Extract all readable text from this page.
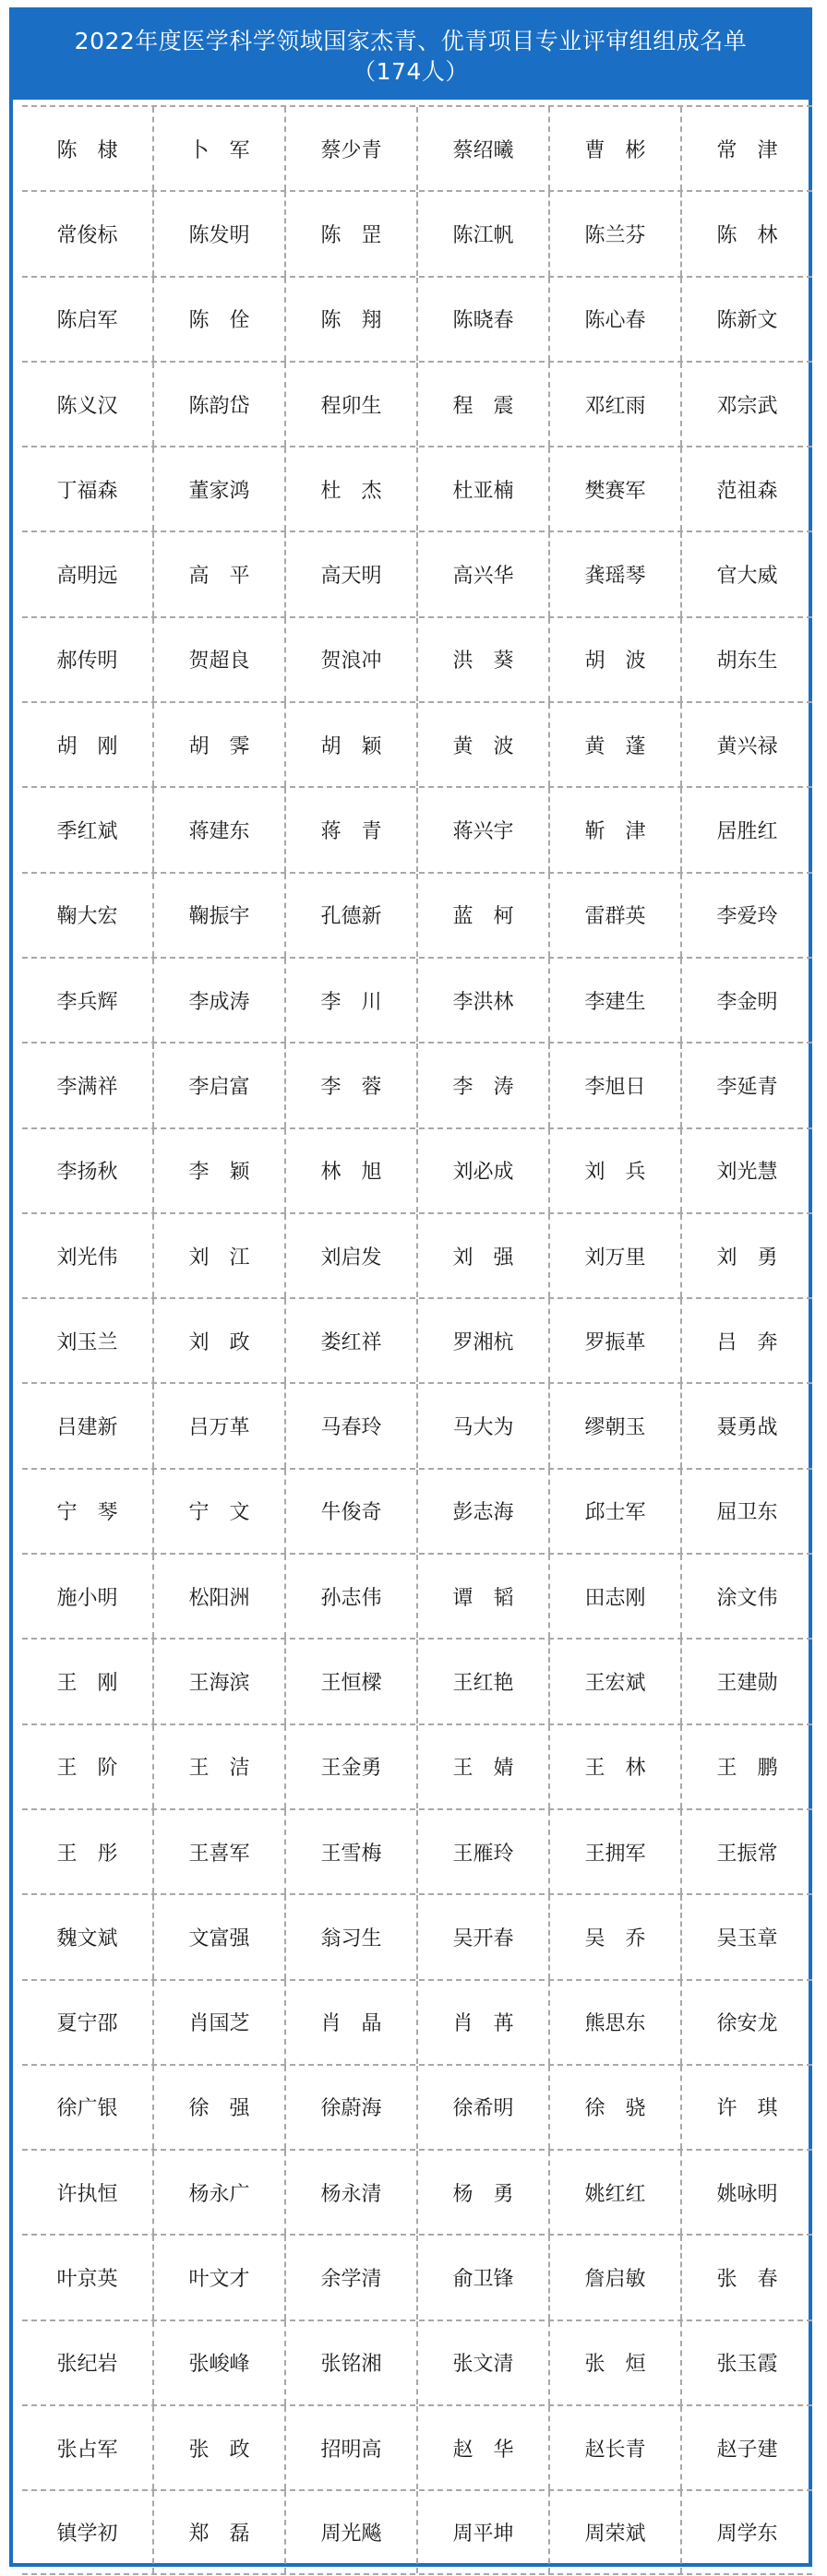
2022年度医学科学领域国家杰青、优青项目专业评审组组成名单
（174人）
陈　棣	卜　军	蔡少青	蔡绍曦	曹　彬	常　津
常俊标	陈发明	陈　罡	陈江帆	陈兰芬	陈　林
陈启军	陈　佺	陈　翔	陈晓春	陈心春	陈新文
陈义汉	陈韵岱	程卯生	程　震	邓红雨	邓宗武
丁福森	董家鸿	杜　杰	杜亚楠	樊赛军	范祖森
高明远	高　平	高天明	高兴华	龚瑶琴	官大威
郝传明	贺超良	贺浪冲	洪　葵	胡　波	胡东生
胡　刚	胡　霁	胡　颖	黄　波	黄　蓬	黄兴禄
季红斌	蒋建东	蒋　青	蒋兴宇	靳　津	居胜红
鞠大宏	鞠振宇	孔德新	蓝　柯	雷群英	李爱玲
李兵辉	李成涛	李　川	李洪林	李建生	李金明
李满祥	李启富	李　蓉	李　涛	李旭日	李延青
李扬秋	李　颖	林　旭	刘必成	刘　兵	刘光慧
刘光伟	刘　江	刘启发	刘　强	刘万里	刘　勇
刘玉兰	刘　政	娄红祥	罗湘杭	罗振革	吕　奔
吕建新	吕万革	马春玲	马大为	缪朝玉	聂勇战
宁　琴	宁　文	牛俊奇	彭志海	邱士军	屈卫东
施小明	松阳洲	孙志伟	谭　韬	田志刚	涂文伟
王　刚	王海滨	王恒樑	王红艳	王宏斌	王建勋
王　阶	王　洁	王金勇	王　婧	王　林	王　鹏
王　彤	王喜军	王雪梅	王雁玲	王拥军	王振常
魏文斌	文富强	翁习生	吴开春	吴　乔	吴玉章
夏宁邵	肖国芝	肖　晶	肖　苒	熊思东	徐安龙
徐广银	徐　强	徐蔚海	徐希明	徐　骁	许　琪
许执恒	杨永广	杨永清	杨　勇	姚红红	姚咏明
叶京英	叶文才	余学清	俞卫锋	詹启敏	张　春
张纪岩	张峻峰	张铭湘	张文清	张　烜	张玉霞
张占军	张　政	招明高	赵　华	赵长青	赵子建
镇学初	郑　磊	周光飚	周平坤	周荣斌	周学东
